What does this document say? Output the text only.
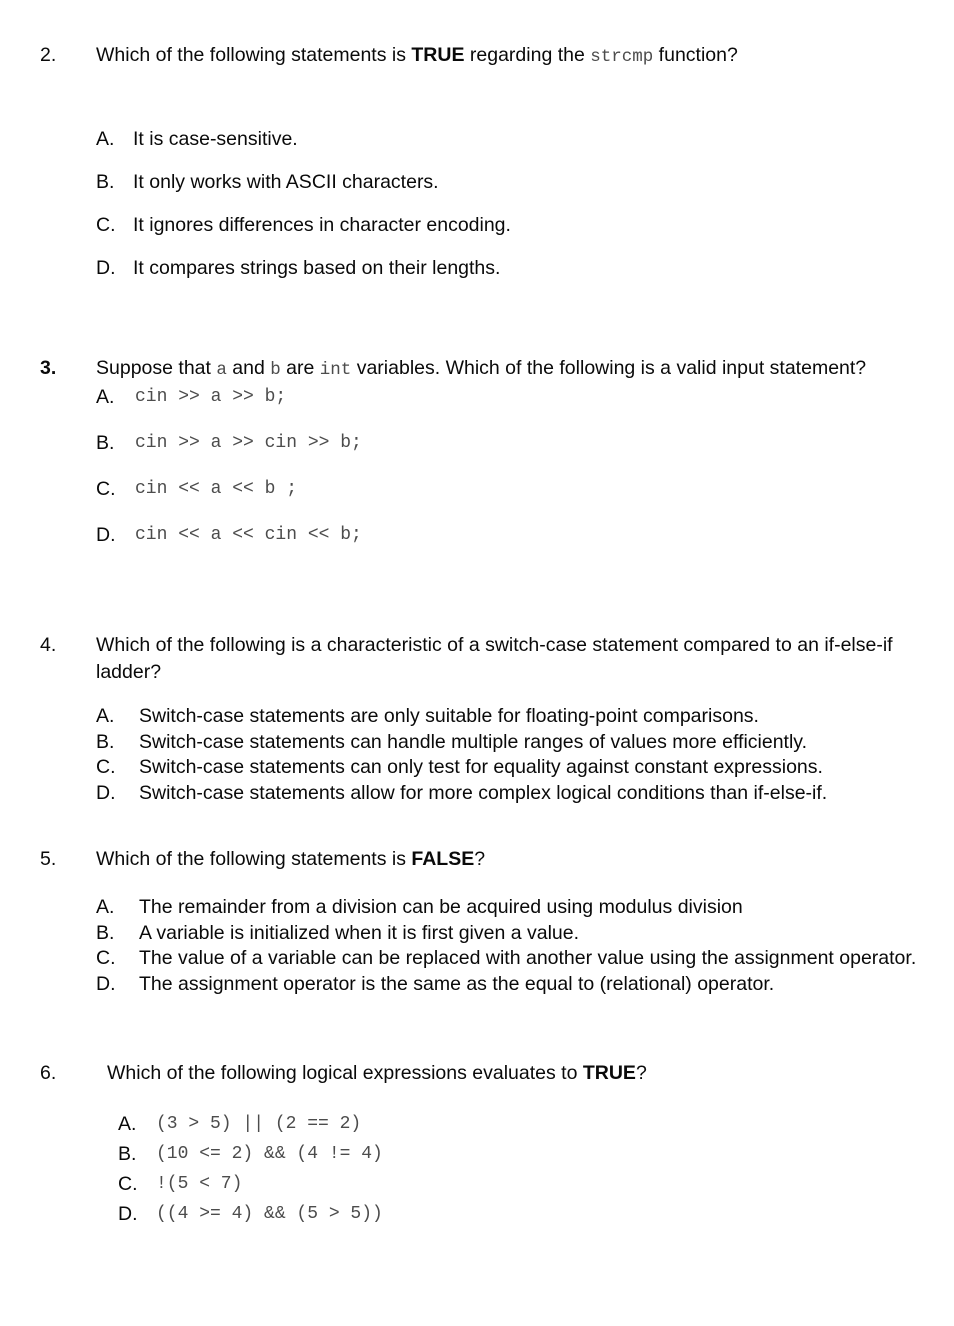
2.	Which of the following statements is TRUE regarding the strcmp function?
A. It is case-sensitive.
B. It only works with ASCII characters.
C. It ignores differences in character encoding.
D. It compares strings based on their lengths.
3.	Suppose that a and b are int variables. Which of the following is a valid input statement?
A. cin >> a >> b;
B. cin >> a >> cin >> b;
C. cin << a << b ;
D. cin << a << cin << b;
4.	Which of the following is a characteristic of a switch-case statement compared to an if-else-if ladder?
A. Switch-case statements are only suitable for floating-point comparisons.
B. Switch-case statements can handle multiple ranges of values more efficiently.
C. Switch-case statements can only test for equality against constant expressions.
D. Switch-case statements allow for more complex logical conditions than if-else-if.
5.	Which of the following statements is FALSE?
A. The remainder from a division can be acquired using modulus division
B. A variable is initialized when it is first given a value.
C. The value of a variable can be replaced with another value using the assignment operator.
D. The assignment operator is the same as the equal to (relational) operator.
6.	Which of the following logical expressions evaluates to TRUE?
A. (3 > 5) || (2 == 2)
B. (10 <= 2) && (4 != 4)
C. !(5 < 7)
D. ((4 >= 4) && (5 > 5))
